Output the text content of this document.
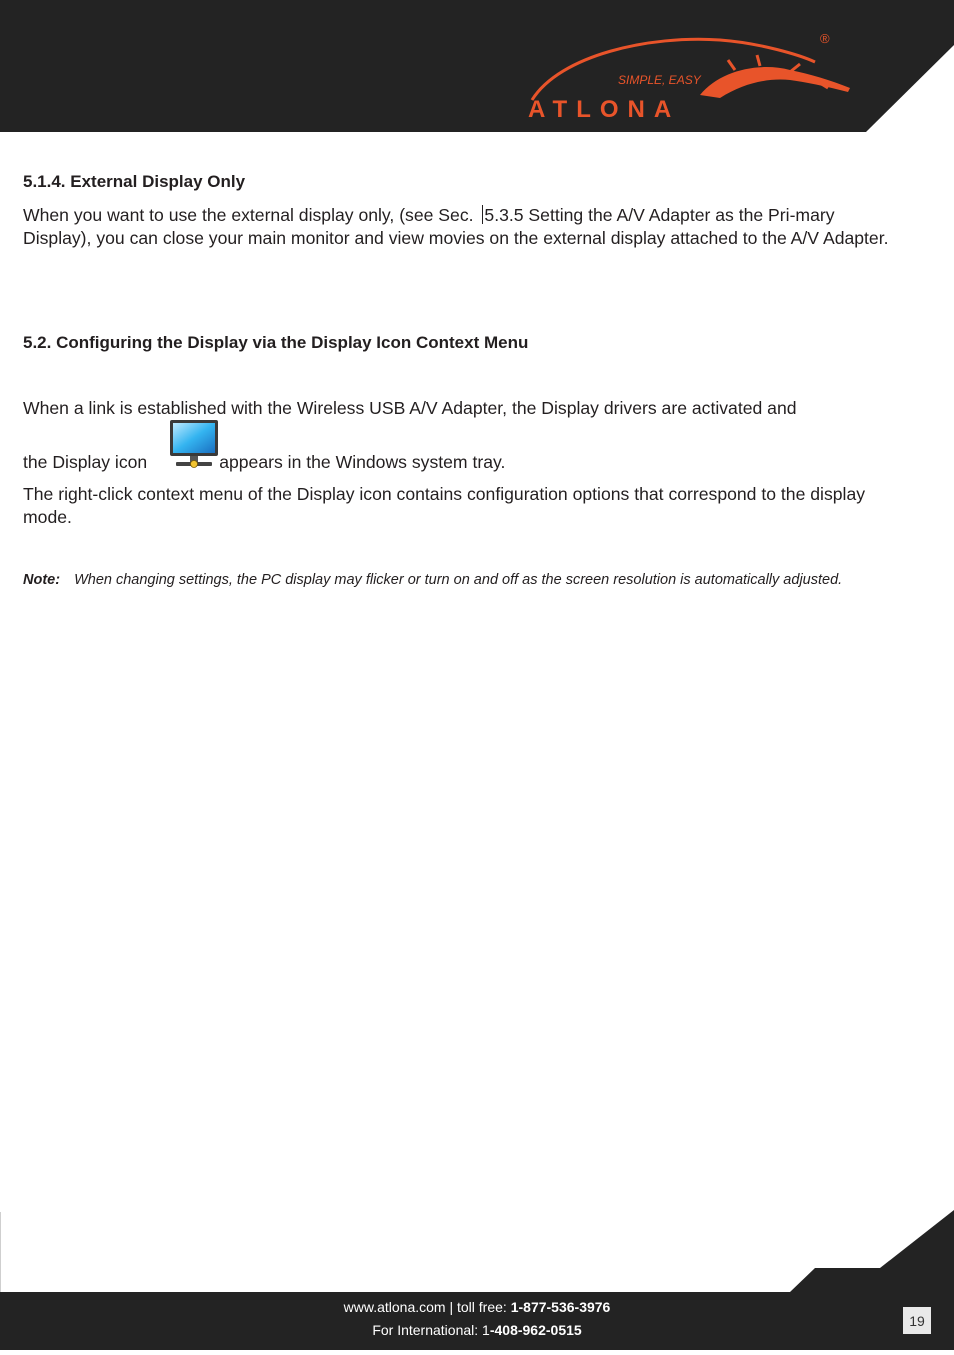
SIMPLE, EASY
ATLONA
®
5.1.4. External Display Only

When you want to use the external display only, (see Sec. 5.3.5 Setting the A/V Adapter as the Pri-mary Display), you can close your main monitor and view movies on the external display attached to the A/V Adapter.

5.2. Configuring the Display via the Display Icon Context Menu

When a link is established with the Wireless USB A/V Adapter, the Display drivers are activated and

the Display icon	appears in the Windows system tray.

The right-click context menu of the Display icon contains configuration options that correspond to the display mode.

Note: When changing settings, the PC display may flicker or turn on and off as the screen resolution is automatically adjusted.

www.atlona.com | toll free: 1-877-536-3976
For International: 1-408-962-0515
19
